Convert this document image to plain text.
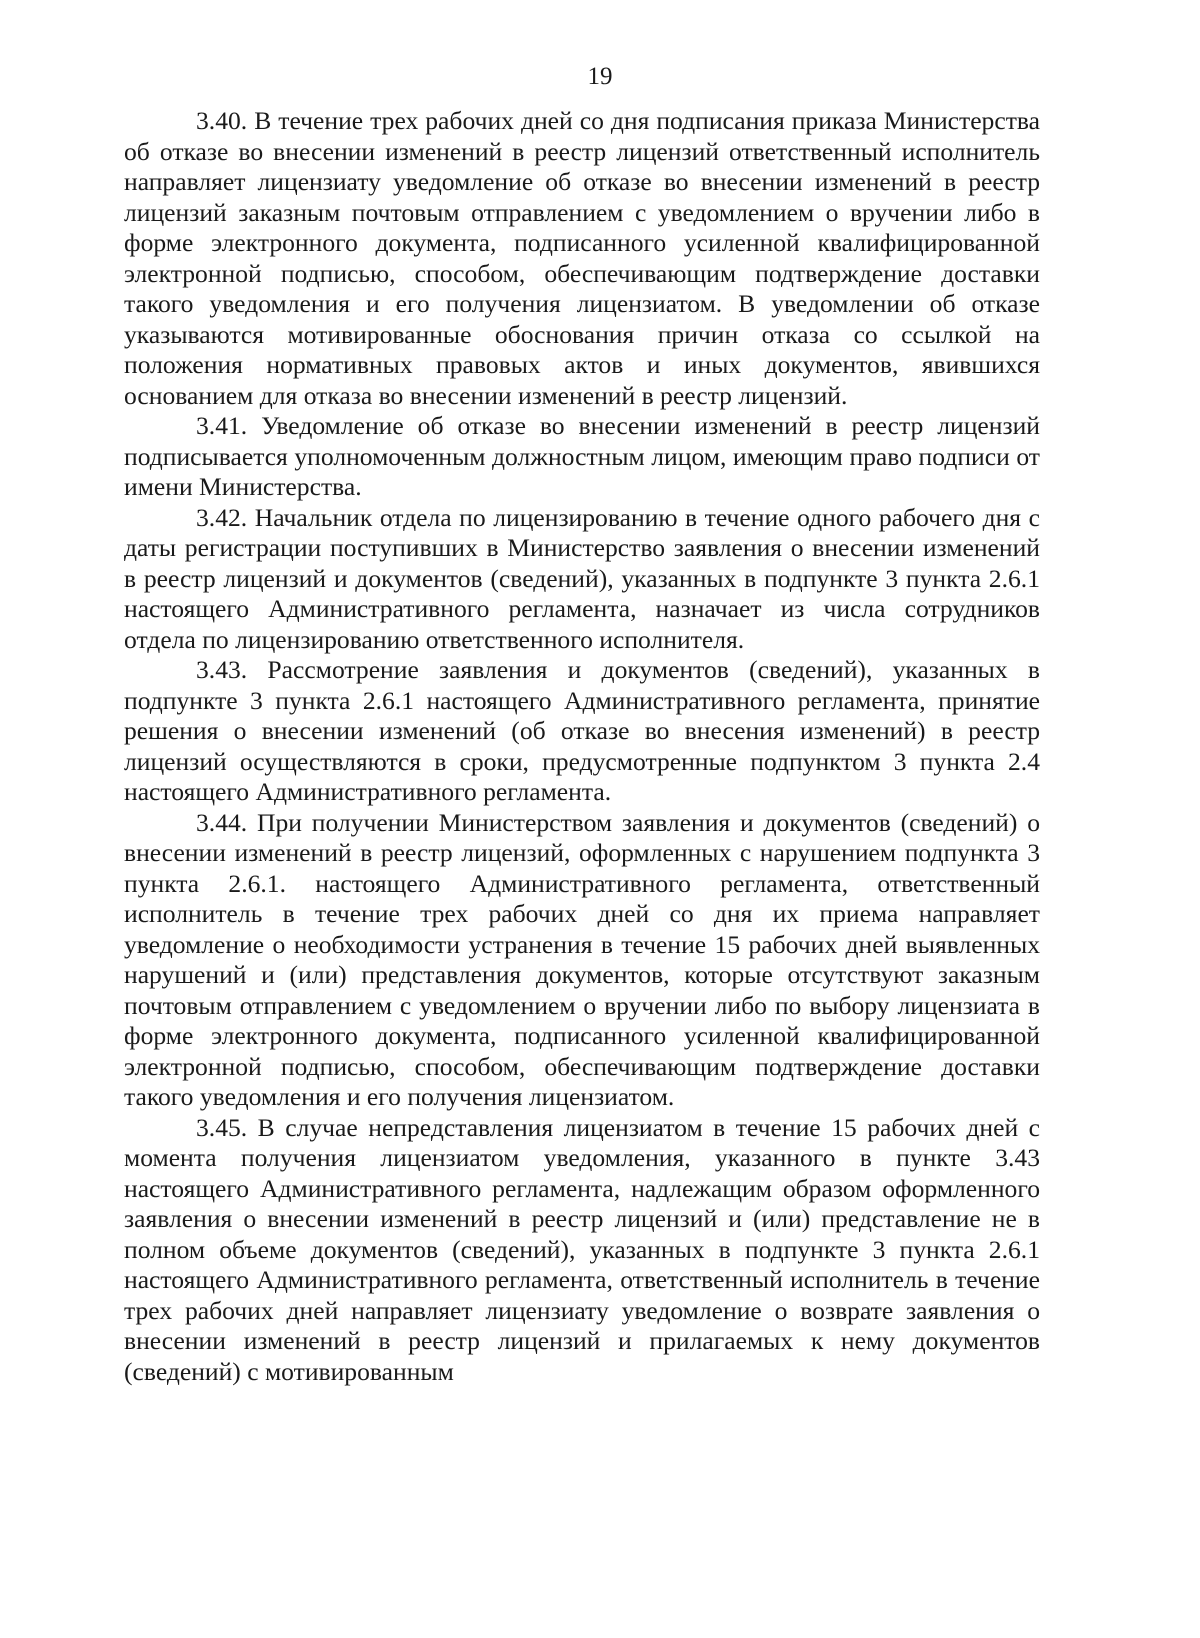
19

3.40. В течение трех рабочих дней со дня подписания приказа Министерства об отказе во внесении изменений в реестр лицензий ответственный исполнитель направляет лицензиату уведомление об отказе во внесении изменений в реестр лицензий заказным почтовым отправлением с уведомлением о вручении либо в форме электронного документа, подписанного усиленной квалифицированной электронной подписью, способом, обеспечивающим подтверждение доставки такого уведомления и его получения лицензиатом. В уведомлении об отказе указываются мотивированные обоснования причин отказа со ссылкой на положения нормативных правовых актов и иных документов, явившихся основанием для отказа во внесении изменений в реестр лицензий.

3.41. Уведомление об отказе во внесении изменений в реестр лицензий подписывается уполномоченным должностным лицом, имеющим право подписи от имени Министерства.

3.42. Начальник отдела по лицензированию в течение одного рабочего дня с даты регистрации поступивших в Министерство заявления о внесении изменений в реестр лицензий и документов (сведений), указанных в подпункте 3 пункта 2.6.1 настоящего Административного регламента, назначает из числа сотрудников отдела по лицензированию ответственного исполнителя.

3.43. Рассмотрение заявления и документов (сведений), указанных в подпункте 3 пункта 2.6.1 настоящего Административного регламента, принятие решения о внесении изменений (об отказе во внесения изменений) в реестр лицензий осуществляются в сроки, предусмотренные подпунктом 3 пункта 2.4 настоящего Административного регламента.

3.44. При получении Министерством заявления и документов (сведений) о внесении изменений в реестр лицензий, оформленных с нарушением подпункта 3 пункта 2.6.1. настоящего Административного регламента, ответственный исполнитель в течение трех рабочих дней со дня их приема направляет уведомление о необходимости устранения в течение 15 рабочих дней выявленных нарушений и (или) представления документов, которые отсутствуют заказным почтовым отправлением с уведомлением о вручении либо по выбору лицензиата в форме электронного документа, подписанного усиленной квалифицированной электронной подписью, способом, обеспечивающим подтверждение доставки такого уведомления и его получения лицензиатом.

3.45. В случае непредставления лицензиатом в течение 15 рабочих дней с момента получения лицензиатом уведомления, указанного в пункте 3.43 настоящего Административного регламента, надлежащим образом оформленного заявления о внесении изменений в реестр лицензий и (или) представление не в полном объеме документов (сведений), указанных в подпункте 3 пункта 2.6.1 настоящего Административного регламента, ответственный исполнитель в течение трех рабочих дней направляет лицензиату уведомление о возврате заявления о внесении изменений в реестр лицензий и прилагаемых к нему документов (сведений) с мотивированным
